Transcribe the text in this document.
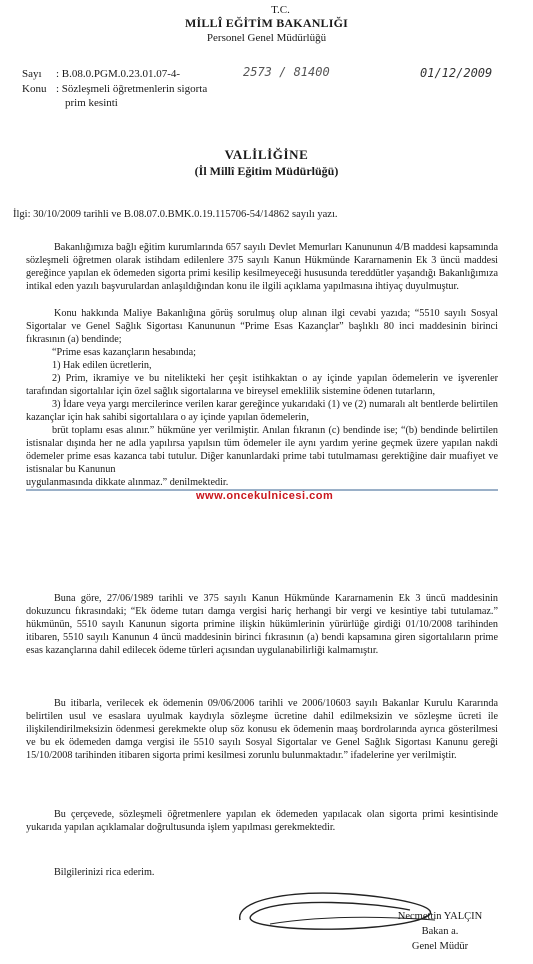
T.C.
MİLLÎ EĞİTİM BAKANLIĞI
Personel Genel Müdürlüğü
Sayı : B.08.0.PGM.0.23.01.07-4-	2573 / 81400	01/12/2009
Konu : Sözleşmeli öğretmenlerin sigorta
prim kesinti
VALİLİĞİNE
(İl Millî Eğitim Müdürlüğü)
İlgi: 30/10/2009 tarihli ve B.08.07.0.BMK.0.19.115706-54/14862 sayılı yazı.
Bakanlığımıza bağlı eğitim kurumlarında 657 sayılı Devlet Memurları Kanununun 4/B maddesi kapsamında sözleşmeli öğretmen olarak istihdam edilenlere 375 sayılı Kanun Hükmünde Kararnamenin Ek 3 üncü maddesi gereğince yapılan ek ödemeden sigorta primi kesilip kesilmeyeceği hususunda tereddütler yaşandığı Bakanlığımıza intikal eden yazılı başvurulardan anlaşıldığından konu ile ilgili açıklama yapılmasına ihtiyaç duyulmuştur.
Konu hakkında Maliye Bakanlığına görüş sorulmuş olup alınan ilgi cevabi yazıda; “5510 sayılı Sosyal Sigortalar ve Genel Sağlık Sigortası Kanununun “Prime Esas Kazançlar” başlıklı 80 inci maddesinin birinci fıkrasının (a) bendinde;
“Prime esas kazançların hesabında;
1) Hak edilen ücretlerin,
2) Prim, ikramiye ve bu nitelikteki her çeşit istihkaktan o ay içinde yapılan ödemelerin ve işverenler tarafından sigortalılar için özel sağlık sigortalarına ve bireysel emeklilik sistemine ödenen tutarların,
3) İdare veya yargı mercilerince verilen karar gereğince yukarıdaki (1) ve (2) numaralı alt bentlerde belirtilen kazançlar için hak sahibi sigortalılara o ay içinde yapılan ödemelerin,
brüt toplamı esas alınır.” hükmüne yer verilmiştir. Anılan fıkranın (c) bendinde ise; “(b) bendinde belirtilen istisnalar dışında her ne adla yapılırsa yapılsın tüm ödemeler ile aynı yardım yerine geçmek üzere yapılan nakdi ödemeler prime esas kazanca tabi tutulur. Diğer kanunlardaki prime tabi tutulmaması gerektiğine dair muafiyet ve istisnalar bu Kanunun
uygulanmasında dikkate alınmaz.” denilmektedir.
www.oncekulnicesi.com
Buna göre, 27/06/1989 tarihli ve 375 sayılı Kanun Hükmünde Kararnamenin Ek 3 üncü maddesinin dokuzuncu fıkrasındaki; “Ek ödeme tutarı damga vergisi hariç herhangi bir vergi ve kesintiye tabi tutulamaz.” hükmünün, 5510 sayılı Kanunun sigorta primine ilişkin hükümlerinin yürürlüğe girdiği 01/10/2008 tarihinden itibaren, 5510 sayılı Kanunun 4 üncü maddesinin birinci fıkrasının (a) bendi kapsamına giren sigortalıların prime esas kazançlarına dahil edilecek ödeme türleri açısından uygulanabilirliği kalmamıştır.
Bu itibarla, verilecek ek ödemenin 09/06/2006 tarihli ve 2006/10603 sayılı Bakanlar Kurulu Kararında belirtilen usul ve esaslara uyulmak kaydıyla sözleşme ücretine dahil edilmeksizin ve sözleşme ücreti ile ilişkilendirilmeksizin ödenmesi gerekmekte olup söz konusu ek ödemenin maaş bordrolarında ayrıca gösterilmesi ve bu ek ödemeden damga vergisi ile 5510 sayılı Sosyal Sigortalar ve Genel Sağlık Sigortası Kanunu gereği 15/10/2008 tarihinden itibaren sigorta primi kesilmesi zorunlu bulunmaktadır.” ifadelerine yer verilmiştir.
Bu çerçevede, sözleşmeli öğretmenlere yapılan ek ödemeden yapılacak olan sigorta primi kesintisinde yukarıda yapılan açıklamalar doğrultusunda işlem yapılması gerekmektedir.
Bilgilerinizi rica ederim.
Necmettin YALÇIN
Bakan a.
Genel Müdür
